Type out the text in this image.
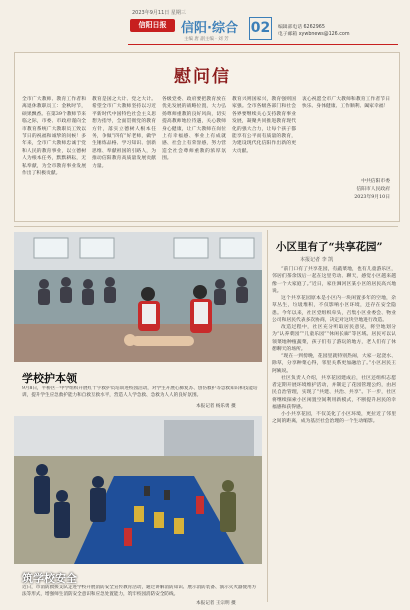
2023年9月11日 星期三
信阳日报	信阳·综合
主编 唐 副主编 · 刘 芳
02	编辑部电话 6262965
电子邮箱 xywbnews@126.com
慰问信
全市广大教师、教育工作者和离退休教职员工：金秋时节，硕果飘香。在第39个教师节来临之际，市委、市政府谨向全市教育系统广大教职员工致以节日的祝福和诚挚的问候！多年来，全市广大教师忠诚于党和人民的教育事业，以立德树人为根本任务，默默耕耘，无私奉献，为全市教育事业发展作出了积极贡献。
教育是国之大计、党之大计。希望全市广大教师坚持以习近平新时代中国特色社会主义思想为指导，全面贯彻党的教育方针，落实立德树人根本任务，争做“四有”好老师，做学生锤炼品格、学习知识、创新思维、奉献祖国的引路人，为推动信阳教育高质量发展贡献力量。
各级党委、政府要把教育放在优先发展的战略位置，大力弘扬尊师重教的良好风尚，切实提高教师地位待遇，关心教师身心健康，让广大教师在岗位上有幸福感、事业上有成就感、社会上有荣誉感，努力营造全社会尊师重教的浓厚氛围。
教育兴则国家兴，教育强则国家强。全市各级各部门和社会各界要继续关心支持教育事业发展，凝聚共同推进教育现代化的强大合力，让每个孩子都能享有公平而有质量的教育，为建设现代化信阳作出新的更大贡献。
衷心祝愿全市广大教师和教育工作者节日快乐、身体健康、工作顺利、阖家幸福！
中共信阳市委
信阳市人民政府
2023年9月10日
学校护本领
9月8日，平桥区一中学组织开展红十字救护员培训进校园活动，对学生开展心肺复苏、创伤救护等急救知识和技能培训，提升学生应急救护能力和自救互救水平，营造人人学急救、急救为人人的良好氛围。
本报记者 杨乐勇 摄
筑学校安全
近日，市消防救援支队走进学校开展消防安全宣传教育活动，通过讲解消防知识、展示消防装备、演示灭火器使用方法等形式，增强师生消防安全意识和应急处置能力，筑牢校园消防安全防线。
本报记者 王宗明 摄
小区里有了“共享花园”
本报记者 李 凯

“前门口有了共享花园，有蔬菜地，也有儿童游乐区，邻居们茶余饭后一起在这里劳动、聊天，感觉小区越来越像一个大家庭了。”近日，家住浉河区某小区的居民高兴地说。

这个共享花园原本是小区内一块闲置多年的空地，杂草丛生，垃圾堆积，不仅影响小区环境，还存在安全隐患。今年以来，社区党组织牵头，召集小区业委会、物业公司和居民代表多次协商，决定对这块空地进行改造。

改造过程中，社区充分听取居民意见，将空地划分为“认养菜园”“儿童乐园”“休闲长廊”等区域。居民可以认领菜地种植蔬菜，孩子们有了游玩的地方，老人们有了休憩聊天的场所。

“现在一到傍晚，花园里就特别热闹，大家一起浇水、除草，分享种菜心得，邻里关系更加融洽了。”小区居民王阿姨说。

社区负责人介绍，共享花园建成后，社区还组织志愿者定期开展环境维护活动，并制定了花园管理公约，由居民自治管理，实现了“共建、共治、共享”。下一步，社区将继续探索小区闲置空间利用新模式，不断提升居民的幸福感和获得感。

小小共享花园，不仅美化了小区环境，更拉近了邻里之间的距离，成为基层社会治理的一个生动缩影。
